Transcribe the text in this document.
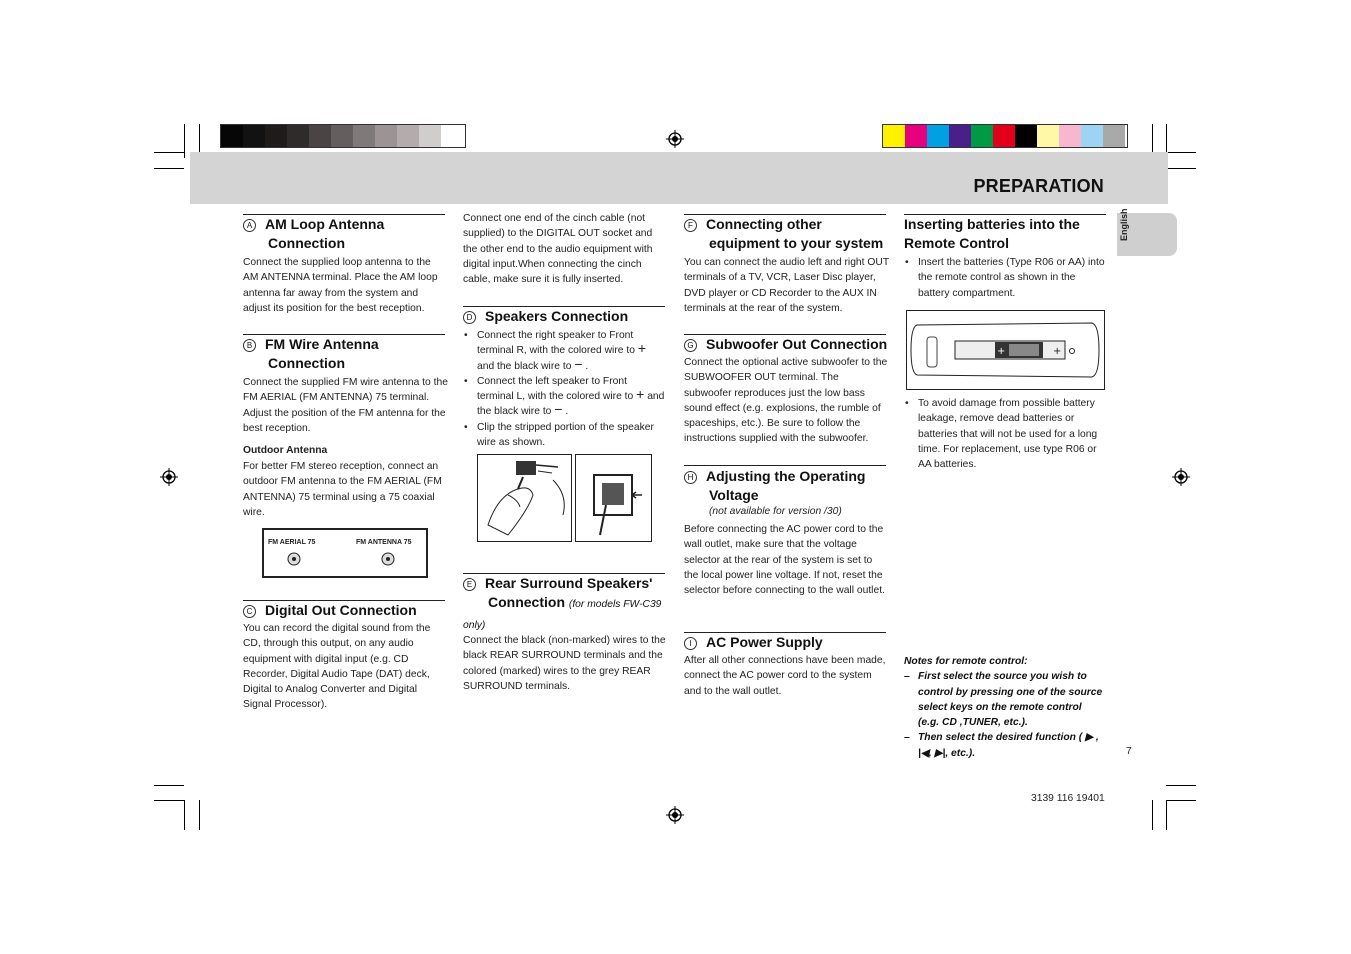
PREPARATION
English
A AM Loop Antenna
Connection
Connect the supplied loop antenna to the AM ANTENNA terminal. Place the AM loop antenna far away from the system and adjust its position for the best reception.
B FM Wire Antenna
Connection
Connect the supplied FM wire antenna to the FM AERIAL (FM ANTENNA) 75 terminal. Adjust the position of the FM antenna for the best reception.
Outdoor Antenna
For better FM stereo reception, connect an outdoor FM antenna to the FM AERIAL (FM ANTENNA) 75 terminal using a 75 coaxial wire.
FM AERIAL 75	FM ANTENNA 75
C Digital Out Connection
You can record the digital sound from the CD, through this output, on any audio equipment with digital input (e.g. CD Recorder, Digital Audio Tape (DAT) deck, Digital to Analog Converter and Digital Signal Processor).
Connect one end of the cinch cable (not supplied) to the DIGITAL OUT socket and the other end to the audio equipment with digital input.When connecting the cinch cable, make sure it is fully inserted.
D Speakers Connection
• Connect the right speaker to Front terminal R, with the colored wire to + and the black wire to − .
• Connect the left speaker to Front terminal L, with the colored wire to + and the black wire to − .
• Clip the stripped portion of the speaker wire as shown.
E Rear Surround Speakers'
Connection (for models FW-C39 only)
Connect the black (non-marked) wires to the black REAR SURROUND terminals and the colored (marked) wires to the grey REAR SURROUND terminals.
F Connecting other
equipment to your system
You can connect the audio left and right OUT terminals of a TV, VCR, Laser Disc player, DVD player or CD Recorder to the AUX IN terminals at the rear of the system.
G Subwoofer Out Connection
Connect the optional active subwoofer to the SUBWOOFER OUT terminal. The subwoofer reproduces just the low bass sound effect (e.g. explosions, the rumble of spaceships, etc.). Be sure to follow the instructions supplied with the subwoofer.
H Adjusting the Operating
Voltage
(not available for version /30)
Before connecting the AC power cord to the wall outlet, make sure that the voltage selector at the rear of the system is set to the local power line voltage. If not, reset the selector before connecting to the wall outlet.
I AC Power Supply
After all other connections have been made, connect the AC power cord to the system and to the wall outlet.
Inserting batteries into the
Remote Control
• Insert the batteries (Type R06 or AA) into the remote control as shown in the battery compartment.
+	+
• To avoid damage from possible battery leakage, remove dead batteries or batteries that will not be used for a long time. For replacement, use type R06 or AA batteries.
Notes for remote control:
– First select the source you wish to control by pressing one of the source select keys on the remote control (e.g. CD ,TUNER, etc.).
– Then select the desired function ( ▶ , |◀, ▶|, etc.).	7
3139 116 19401
